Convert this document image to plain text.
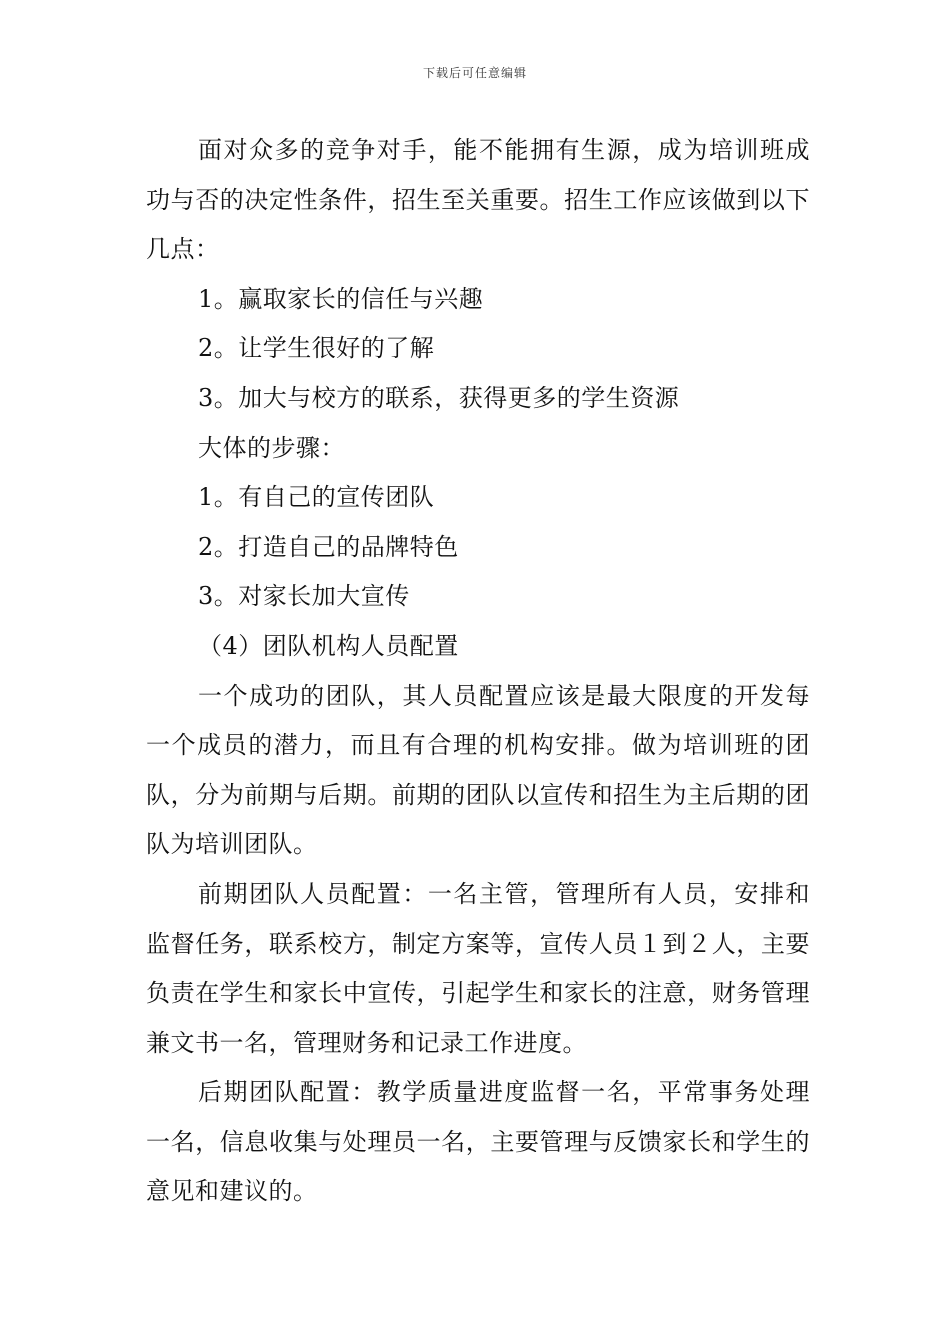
下载后可任意编辑

面对众多的竞争对手，能不能拥有生源，成为培训班成功与否的决定性条件，招生至关重要。招生工作应该做到以下几点：

1。赢取家长的信任与兴趣

2。让学生很好的了解

3。加大与校方的联系，获得更多的学生资源

大体的步骤：

1。有自己的宣传团队

2。打造自己的品牌特色

3。对家长加大宣传

（4）团队机构人员配置

一个成功的团队，其人员配置应该是最大限度的开发每一个成员的潜力，而且有合理的机构安排。做为培训班的团队，分为前期与后期。前期的团队以宣传和招生为主后期的团队为培训团队。

前期团队人员配置：一名主管，管理所有人员，安排和监督任务，联系校方，制定方案等，宣传人员１到２人，主要负责在学生和家长中宣传，引起学生和家长的注意，财务管理兼文书一名，管理财务和记录工作进度。

后期团队配置：教学质量进度监督一名，平常事务处理一名，信息收集与处理员一名，主要管理与反馈家长和学生的意见和建议的。
